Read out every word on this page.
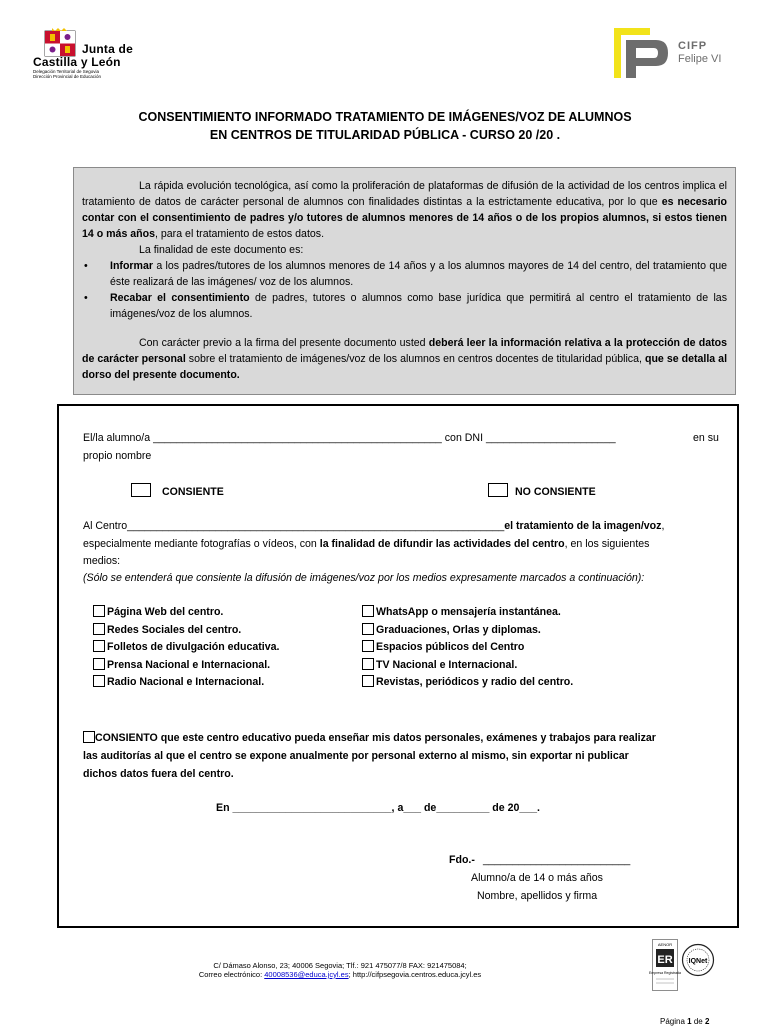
Junta de
Castilla y León
Delegación Territorial de Segovia
Dirección Provincial de Educación
CIFP
Felipe VI
CONSENTIMIENTO INFORMADO TRATAMIENTO DE IMÁGENES/VOZ DE ALUMNOS
EN CENTROS DE TITULARIDAD PÚBLICA - CURSO 20 /20 .

La rápida evolución tecnológica, así como la proliferación de plataformas de difusión de la actividad de los centros implica el tratamiento de datos de carácter personal de alumnos con finalidades distintas a la estrictamente educativa, por lo que es necesario contar con el consentimiento de padres y/o tutores de alumnos menores de 14 años o de los propios alumnos, si estos tienen 14 o más años, para el tratamiento de estos datos.

La finalidad de este documento es:

• Informar a los padres/tutores de los alumnos menores de 14 años y a los alumnos mayores de 14 del centro, del tratamiento que éste realizará de las imágenes/ voz de los alumnos.
• Recabar el consentimiento de padres, tutores o alumnos como base jurídica que permitirá al centro el tratamiento de las imágenes/voz de los alumnos.

Con carácter previo a la firma del presente documento usted deberá leer la información relativa a la protección de datos de carácter personal sobre el tratamiento de imágenes/voz de los alumnos en centros docentes de titularidad pública, que se detalla al dorso del presente documento.

El/la alumno/a _________________________________________________ con DNI ______________________	en su
propio nombre
CONSIENTE	NO CONSIENTE
Al Centro________________________________________________________________el tratamiento de la imagen/voz,
especialmente mediante fotografías o vídeos, con la finalidad de difundir las actividades del centro, en los siguientes
medios:
(Sólo se entenderá que consiente la difusión de imágenes/voz por los medios expresamente marcados a continuación):
Página Web del centro.
Redes Sociales del centro.
Folletos de divulgación educativa.
Prensa Nacional e Internacional.
Radio Nacional e Internacional.
WhatsApp o mensajería instantánea.
Graduaciones, Orlas y diplomas.
Espacios públicos del Centro
TV Nacional e Internacional.
Revistas, periódicos y radio del centro.
CONSIENTO que este centro educativo pueda enseñar mis datos personales, exámenes y trabajos para realizar
las auditorías al que el centro se expone anualmente por personal externo al mismo, sin exportar ni publicar
dichos datos fuera del centro.
En ___________________________, a___ de_________ de 20___.
Fdo.- _________________________
Alumno/a de 14 o más años
Nombre, apellidos y firma
C/ Dámaso Alonso, 23; 40006 Segovia; Tlf.: 921 475077/8 FAX: 921475084;
Correo electrónico: 40008536@educa.jcyl.es; http://cifpsegovia.centros.educa.jcyl.es
AENOR
ER
Empresa Registrada
IQNet
Página 1 de 2
